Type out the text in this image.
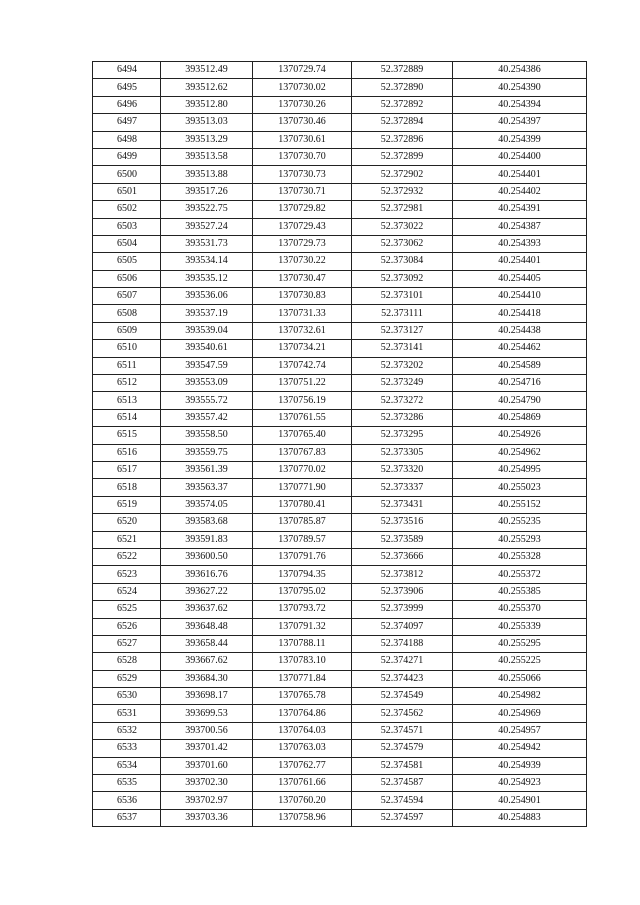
6494	393512.49	1370729.74	52.372889	40.254386
6495	393512.62	1370730.02	52.372890	40.254390
6496	393512.80	1370730.26	52.372892	40.254394
6497	393513.03	1370730.46	52.372894	40.254397
6498	393513.29	1370730.61	52.372896	40.254399
6499	393513.58	1370730.70	52.372899	40.254400
6500	393513.88	1370730.73	52.372902	40.254401
6501	393517.26	1370730.71	52.372932	40.254402
6502	393522.75	1370729.82	52.372981	40.254391
6503	393527.24	1370729.43	52.373022	40.254387
6504	393531.73	1370729.73	52.373062	40.254393
6505	393534.14	1370730.22	52.373084	40.254401
6506	393535.12	1370730.47	52.373092	40.254405
6507	393536.06	1370730.83	52.373101	40.254410
6508	393537.19	1370731.33	52.373111	40.254418
6509	393539.04	1370732.61	52.373127	40.254438
6510	393540.61	1370734.21	52.373141	40.254462
6511	393547.59	1370742.74	52.373202	40.254589
6512	393553.09	1370751.22	52.373249	40.254716
6513	393555.72	1370756.19	52.373272	40.254790
6514	393557.42	1370761.55	52.373286	40.254869
6515	393558.50	1370765.40	52.373295	40.254926
6516	393559.75	1370767.83	52.373305	40.254962
6517	393561.39	1370770.02	52.373320	40.254995
6518	393563.37	1370771.90	52.373337	40.255023
6519	393574.05	1370780.41	52.373431	40.255152
6520	393583.68	1370785.87	52.373516	40.255235
6521	393591.83	1370789.57	52.373589	40.255293
6522	393600.50	1370791.76	52.373666	40.255328
6523	393616.76	1370794.35	52.373812	40.255372
6524	393627.22	1370795.02	52.373906	40.255385
6525	393637.62	1370793.72	52.373999	40.255370
6526	393648.48	1370791.32	52.374097	40.255339
6527	393658.44	1370788.11	52.374188	40.255295
6528	393667.62	1370783.10	52.374271	40.255225
6529	393684.30	1370771.84	52.374423	40.255066
6530	393698.17	1370765.78	52.374549	40.254982
6531	393699.53	1370764.86	52.374562	40.254969
6532	393700.56	1370764.03	52.374571	40.254957
6533	393701.42	1370763.03	52.374579	40.254942
6534	393701.60	1370762.77	52.374581	40.254939
6535	393702.30	1370761.66	52.374587	40.254923
6536	393702.97	1370760.20	52.374594	40.254901
6537	393703.36	1370758.96	52.374597	40.254883
